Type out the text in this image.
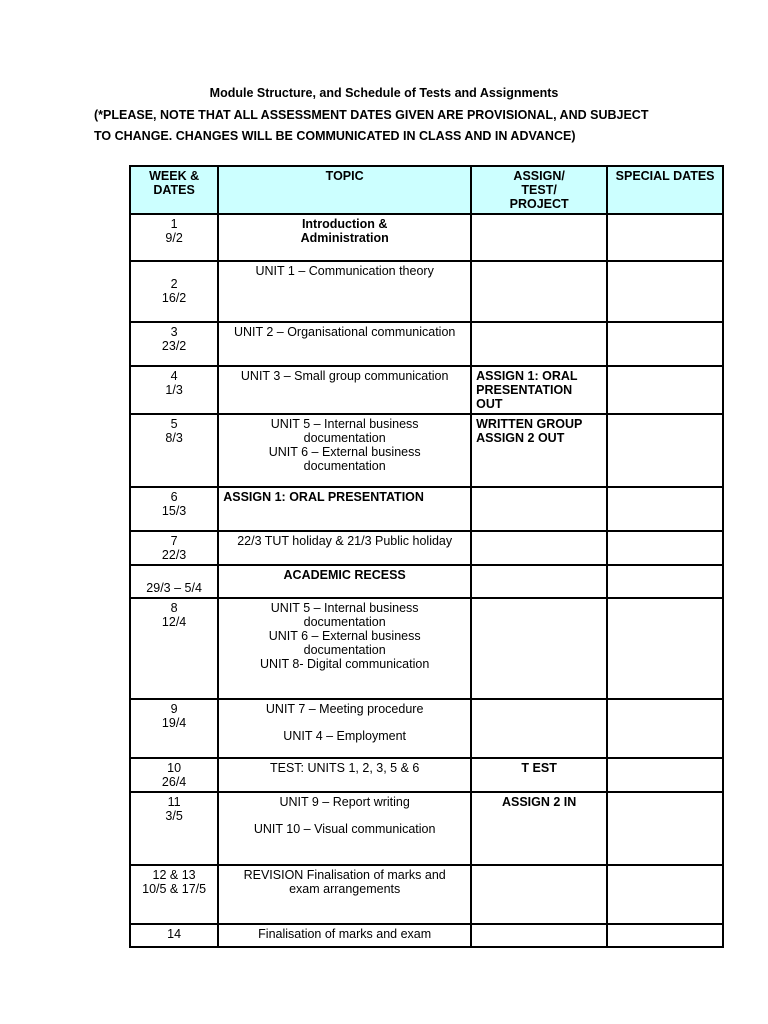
Module Structure, and Schedule of Tests and Assignments
(*PLEASE, NOTE THAT ALL ASSESSMENT DATES GIVEN ARE PROVISIONAL, AND SUBJECT
TO CHANGE. CHANGES WILL BE COMMUNICATED IN CLASS AND IN ADVANCE)
WEEK &
DATES	TOPIC	ASSIGN/
TEST/
PROJECT	SPECIAL DATES

1
9/2	Introduction &
Administration		

2
16/2	UNIT 1 – Communication theory		

3
23/2	UNIT 2 – Organisational communication		

4
1/3	UNIT 3 – Small group communication	ASSIGN 1: ORAL
PRESENTATION
OUT	

5
8/3	UNIT 5 – Internal business
documentation
UNIT 6 – External business
documentation	WRITTEN GROUP
ASSIGN 2 OUT	

6
15/3	ASSIGN 1: ORAL PRESENTATION		

7
22/3	22/3 TUT holiday & 21/3 Public holiday		

29/3 – 5/4	ACADEMIC RECESS		

8
12/4	UNIT 5 – Internal business
documentation
UNIT 6 – External business
documentation
UNIT 8- Digital communication		

9
19/4	UNIT 7 – Meeting procedure
UNIT 4 – Employment		

10
26/4	TEST: UNITS 1, 2, 3, 5 & 6	T EST	

11
3/5	UNIT 9 – Report writing
UNIT 10 – Visual communication	ASSIGN 2 IN	

12 & 13
10/5 & 17/5	REVISION Finalisation of marks and
exam arrangements		

14	Finalisation of marks and exam		
